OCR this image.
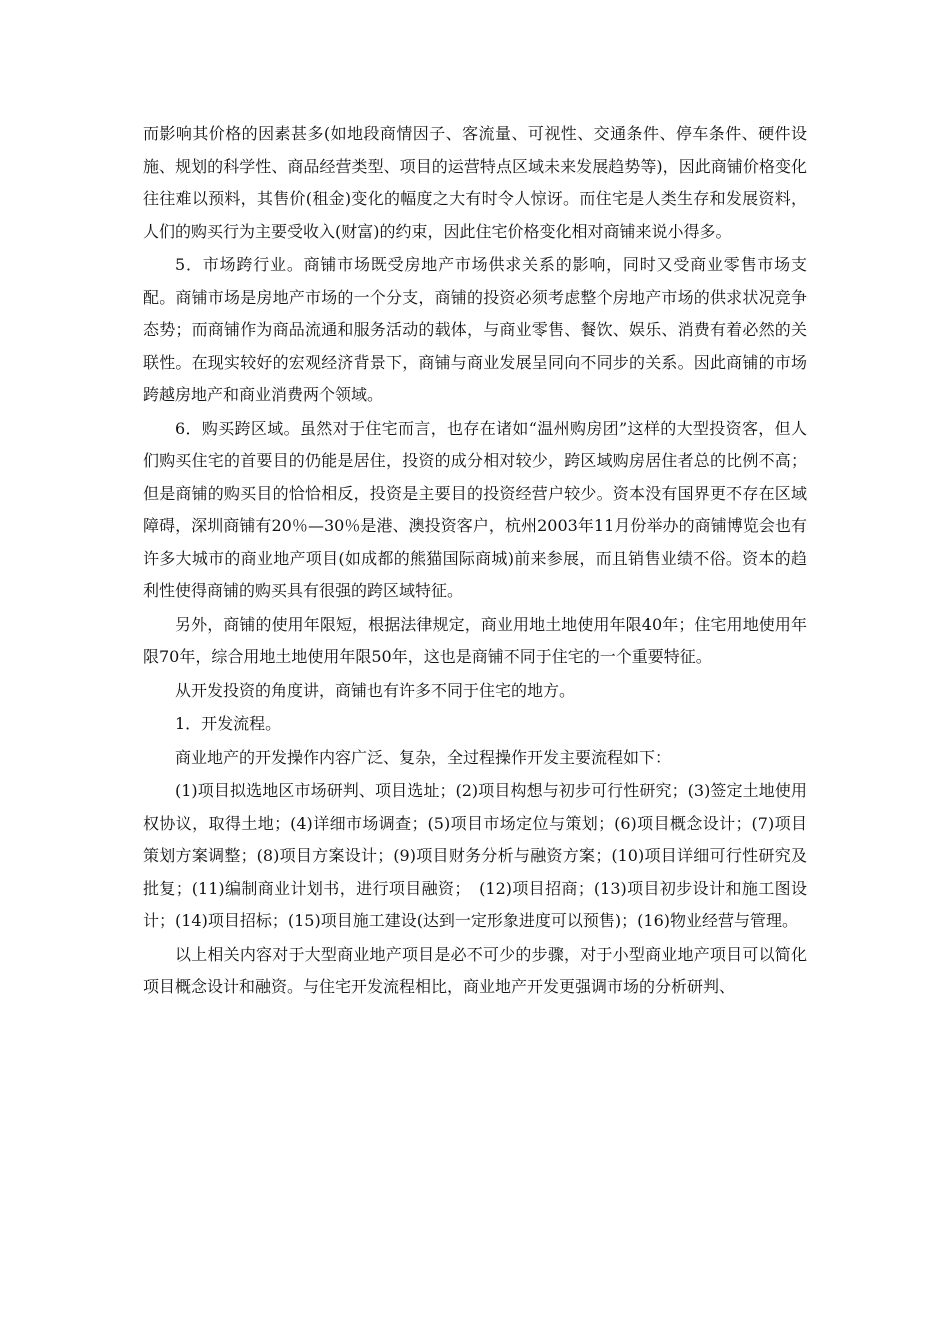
而影响其价格的因素甚多(如地段商情因子、客流量、可视性、交通条件、停车条件、硬件设施、规划的科学性、商品经营类型、项目的运营特点区域未来发展趋势等)，因此商铺价格变化往往难以预料，其售价(租金)变化的幅度之大有时令人惊讶。而住宅是人类生存和发展资料，人们的购买行为主要受收入(财富)的约束，因此住宅价格变化相对商铺来说小得多。

5．市场跨行业。商铺市场既受房地产市场供求关系的影响，同时又受商业零售市场支配。商铺市场是房地产市场的一个分支，商铺的投资必须考虑整个房地产市场的供求状况竞争态势；而商铺作为商品流通和服务活动的载体，与商业零售、餐饮、娱乐、消费有着必然的关联性。在现实较好的宏观经济背景下，商铺与商业发展呈同向不同步的关系。因此商铺的市场跨越房地产和商业消费两个领域。

6．购买跨区域。虽然对于住宅而言，也存在诸如“温州购房团”这样的大型投资客，但人们购买住宅的首要目的仍能是居住，投资的成分相对较少，跨区域购房居住者总的比例不高；但是商铺的购买目的恰恰相反，投资是主要目的投资经营户较少。资本没有国界更不存在区域障碍，深圳商铺有20％—30％是港、澳投资客户，杭州2003年11月份举办的商铺博览会也有许多大城市的商业地产项目(如成都的熊猫国际商城)前来参展，而且销售业绩不俗。资本的趋利性使得商铺的购买具有很强的跨区域特征。

另外，商铺的使用年限短，根据法律规定，商业用地土地使用年限40年；住宅用地使用年限70年，综合用地土地使用年限50年，这也是商铺不同于住宅的一个重要特征。

从开发投资的角度讲，商铺也有许多不同于住宅的地方。

1．开发流程。

商业地产的开发操作内容广泛、复杂，全过程操作开发主要流程如下：

(1)项目拟选地区市场研判、项目选址；(2)项目构想与初步可行性研究；(3)签定土地使用权协议，取得土地；(4)详细市场调查；(5)项目市场定位与策划；(6)项目概念设计；(7)项目策划方案调整；(8)项目方案设计；(9)项目财务分析与融资方案；(10)项目详细可行性研究及批复；(11)编制商业计划书，进行项目融资；　(12)项目招商；(13)项目初步设计和施工图设计；(14)项目招标；(15)项目施工建设(达到一定形象进度可以预售)；(16)物业经营与管理。

以上相关内容对于大型商业地产项目是必不可少的步骤，对于小型商业地产项目可以简化项目概念设计和融资。与住宅开发流程相比，商业地产开发更强调市场的分析研判、
